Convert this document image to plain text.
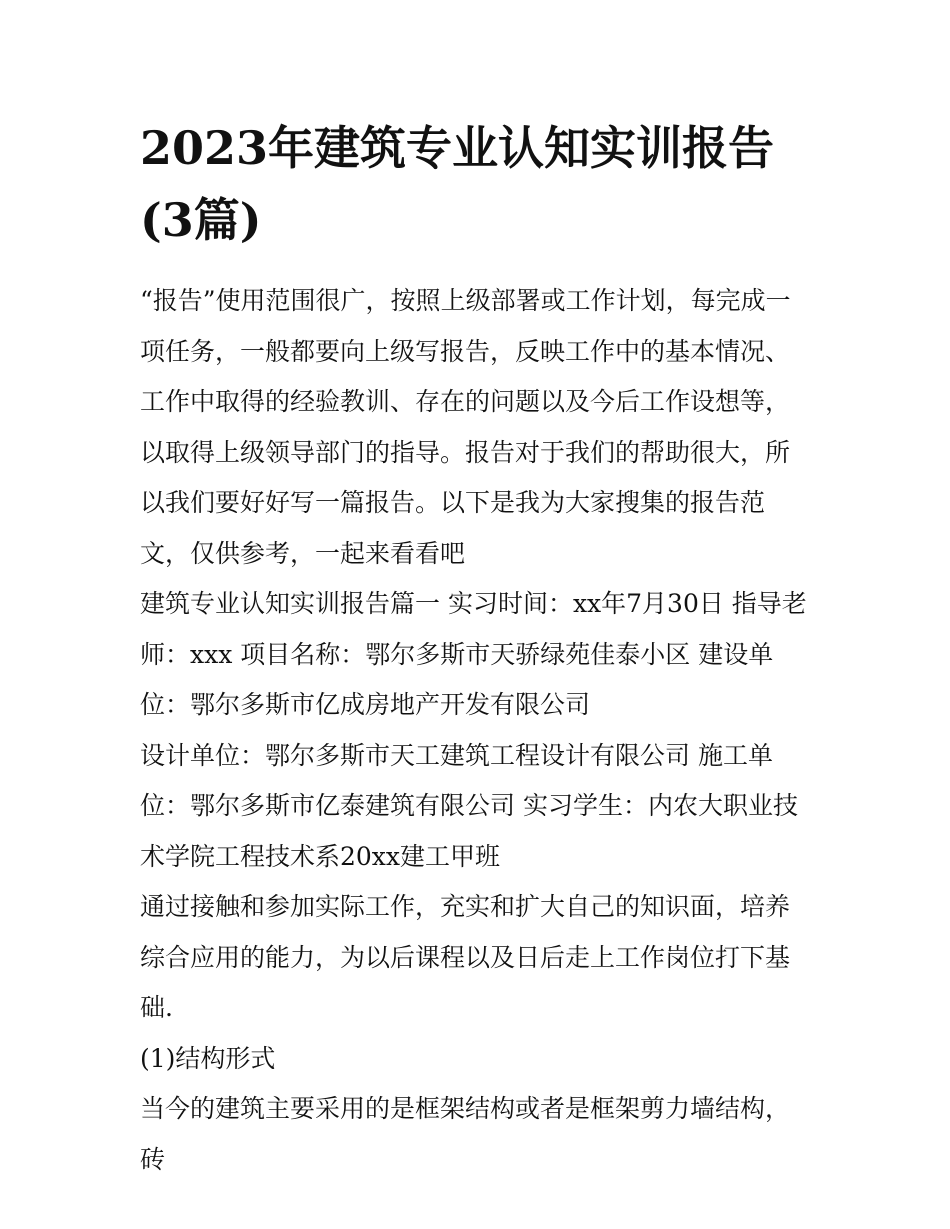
2023年建筑专业认知实训报告(3篇)

“报告”使用范围很广，按照上级部署或工作计划，每完成一项任务，一般都要向上级写报告，反映工作中的基本情况、工作中取得的经验教训、存在的问题以及今后工作设想等，以取得上级领导部门的指导。报告对于我们的帮助很大，所以我们要好好写一篇报告。以下是我为大家搜集的报告范文，仅供参考，一起来看看吧

建筑专业认知实训报告篇一 实习时间：xx年7月30日 指导老师：xxx 项目名称：鄂尔多斯市天骄绿苑佳泰小区 建设单位：鄂尔多斯市亿成房地产开发有限公司

设计单位：鄂尔多斯市天工建筑工程设计有限公司 施工单位：鄂尔多斯市亿泰建筑有限公司 实习学生：内农大职业技术学院工程技术系20xx建工甲班

通过接触和参加实际工作，充实和扩大自己的知识面，培养综合应用的能力，为以后课程以及日后走上工作岗位打下基础.

(1)结构形式

当今的建筑主要采用的是框架结构或者是框架剪力墙结构，砖
